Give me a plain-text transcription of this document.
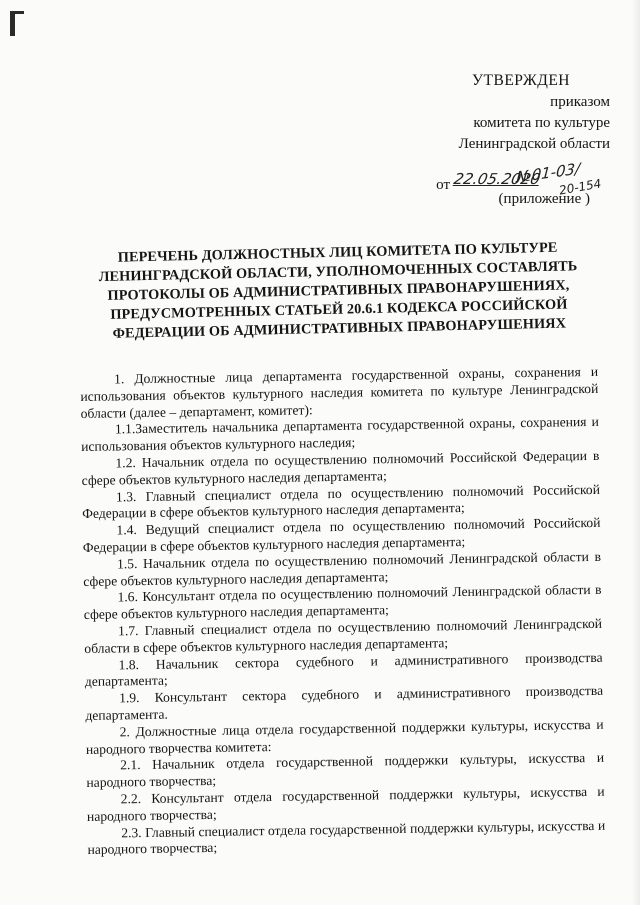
УТВЕРЖДЕН
приказом
комитета по культуре
Ленинградской области
от 22.05.2020
№01-03/
20-154
(приложение )
ПЕРЕЧЕНЬ ДОЛЖНОСТНЫХ ЛИЦ КОМИТЕТА ПО КУЛЬТУРЕ
ЛЕНИНГРАДСКОЙ ОБЛАСТИ, УПОЛНОМОЧЕННЫХ СОСТАВЛЯТЬ
ПРОТОКОЛЫ ОБ АДМИНИСТРАТИВНЫХ ПРАВОНАРУШЕНИЯХ,
ПРЕДУСМОТРЕННЫХ СТАТЬЕЙ 20.6.1 КОДЕКСА РОССИЙСКОЙ
ФЕДЕРАЦИИ ОБ АДМИНИСТРАТИВНЫХ ПРАВОНАРУШЕНИЯХ

1. Должностные лица департамента государственной охраны, сохранения и использования объектов культурного наследия комитета по культуре Ленинградской области (далее – департамент, комитет):

1.1.Заместитель начальника департамента государственной охраны, сохранения и использования объектов культурного наследия;

1.2. Начальник отдела по осуществлению полномочий Российской Федерации в сфере объектов культурного наследия департамента;

1.3. Главный специалист отдела по осуществлению полномочий Российской Федерации в сфере объектов культурного наследия департамента;

1.4. Ведущий специалист отдела по осуществлению полномочий Российской Федерации в сфере объектов культурного наследия департамента;

1.5. Начальник отдела по осуществлению полномочий Ленинградской области в сфере объектов культурного наследия департамента;

1.6. Консультант отдела по осуществлению полномочий Ленинградской области в сфере объектов культурного наследия департамента;

1.7. Главный специалист отдела по осуществлению полномочий Ленинградской области в сфере объектов культурного наследия департамента;

1.8. Начальник сектора судебного и административного производства департамента;

1.9. Консультант сектора судебного и административного производства департамента.

2. Должностные лица отдела государственной поддержки культуры, искусства и народного творчества комитета:

2.1. Начальник отдела государственной поддержки культуры, искусства и народного творчества;

2.2. Консультант отдела государственной поддержки культуры, искусства и народного творчества;

2.3. Главный специалист отдела государственной поддержки культуры, искусства и народного творчества;
